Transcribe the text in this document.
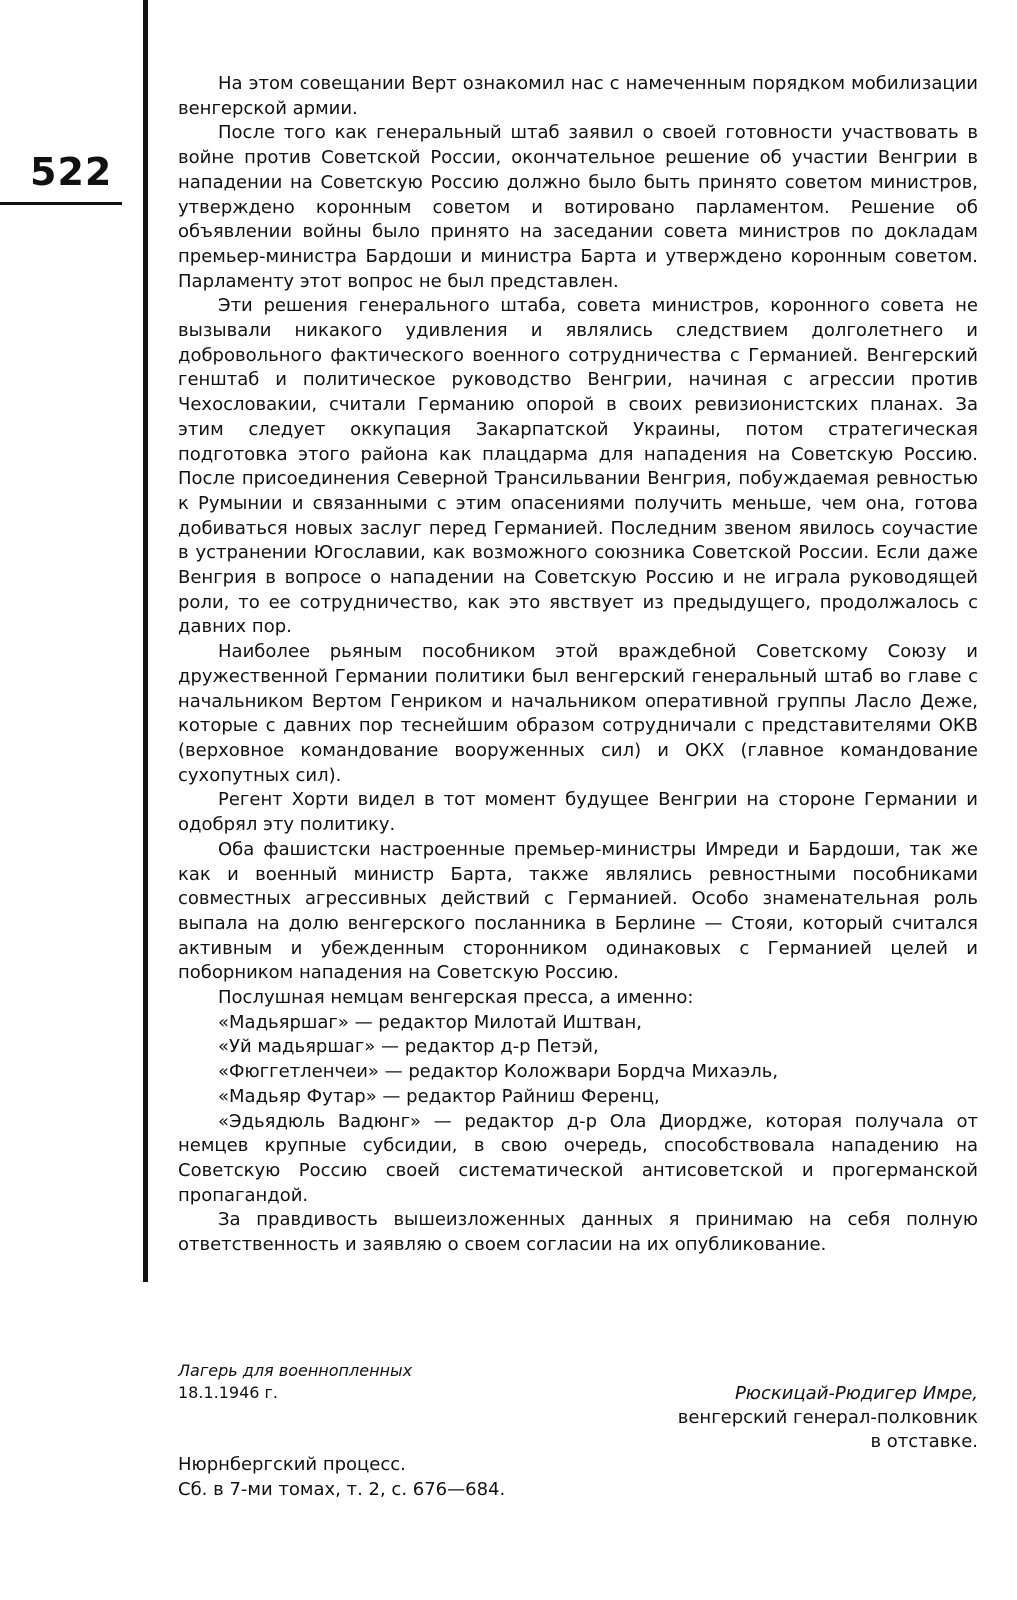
522

На этом совещании Верт ознакомил нас с намеченным порядком мобилизации венгерской армии.

После того как генеральный штаб заявил о своей готовности участвовать в войне против Советской России, окончательное решение об участии Венгрии в нападении на Советскую Россию должно было быть принято советом министров, утверждено коронным советом и вотировано парламентом. Решение об объявлении войны было принято на заседании совета министров по докладам премьер-министра Бардоши и министра Барта и утверждено коронным советом. Парламенту этот вопрос не был представлен.

Эти решения генерального штаба, совета министров, коронного совета не вызывали никакого удивления и являлись следствием долголетнего и добровольного фактического военного сотрудничества с Германией. Венгерский генштаб и политическое руководство Венгрии, начиная с агрессии против Чехословакии, считали Германию опорой в своих ревизионистских планах. За этим следует оккупация Закарпатской Украины, потом стратегическая подготовка этого района как плацдарма для нападения на Советскую Россию. После присоединения Северной Трансильвании Венгрия, побуждаемая ревностью к Румынии и связанными с этим опасениями получить меньше, чем она, готова добиваться новых заслуг перед Германией. Последним звеном явилось соучастие в устранении Югославии, как возможного союзника Советской России. Если даже Венгрия в вопросе о нападении на Советскую Россию и не играла руководящей роли, то ее сотрудничество, как это явствует из предыдущего, продолжалось с давних пор.

Наиболее рьяным пособником этой враждебной Советскому Союзу и дружественной Германии политики был венгерский генеральный штаб во главе с начальником Вертом Генриком и начальником оперативной группы Ласло Деже, которые с давних пор теснейшим образом сотрудничали с представителями ОКВ (верховное командование вооруженных сил) и ОКХ (главное командование сухопутных сил).

Регент Хорти видел в тот момент будущее Венгрии на стороне Германии и одобрял эту политику.

Оба фашистски настроенные премьер-министры Имреди и Бардоши, так же как и военный министр Барта, также являлись ревностными пособниками совместных агрессивных действий с Германией. Особо знаменательная роль выпала на долю венгерского посланника в Берлине — Стояи, который считался активным и убежденным сторонником одинаковых с Германией целей и поборником нападения на Советскую Россию.

Послушная немцам венгерская пресса, а именно:

«Мадьяршаг» — редактор Милотай Иштван,

«Уй мадьяршаг» — редактор д-р Петэй,

«Фюггетленчеи» — редактор Коложвари Бордча Михаэль,

«Мадьяр Футар» — редактор Райниш Ференц,

«Эдьядюль Вадюнг» — редактор д-р Ола Диордже, которая получала от немцев крупные субсидии, в свою очередь, способствовала нападению на Советскую Россию своей систематической антисоветской и прогерманской пропагандой.

За правдивость вышеизложенных данных я принимаю на себя полную ответственность и заявляю о своем согласии на их опубликование.

Лагерь для военнопленных
18.1.1946 г.	Рюскицай-Рюдигер Имре,
венгерский генерал-полковник
в отставке.
Нюрнбергский процесс.
Сб. в 7-ми томах, т. 2, с. 676—684.
